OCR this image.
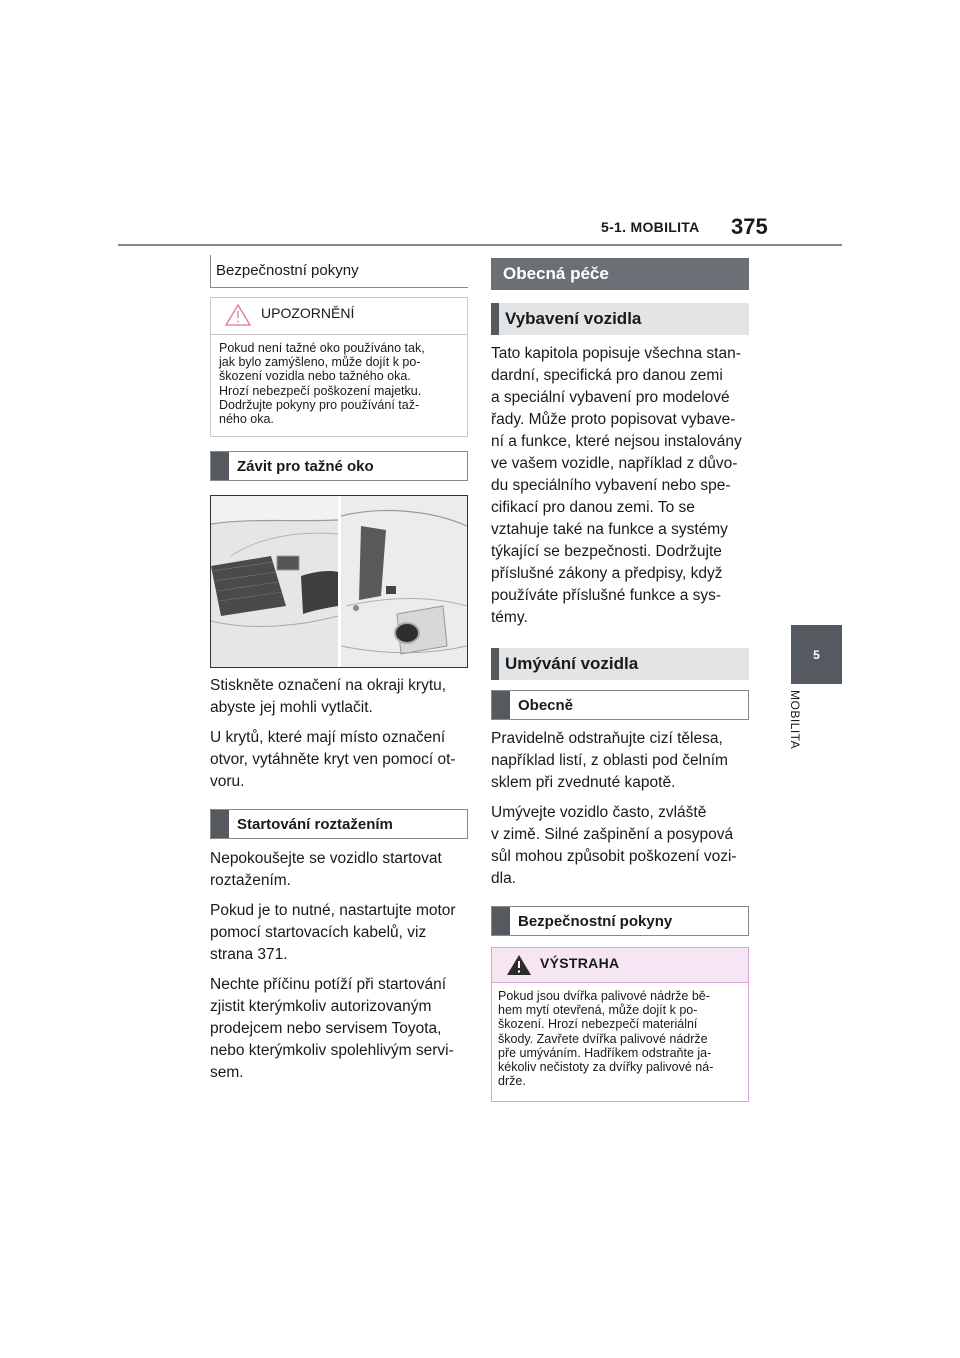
5-1. MOBILITA 375
5
MOBILITA
Bezpečnostní pokyny
UPOZORNĚNÍ
Pokud není tažné oko používáno tak,
jak bylo zamýšleno, může dojít k po-
škození vozidla nebo tažného oka.
Hrozí nebezpečí poškození majetku.
Dodržujte pokyny pro používání taž-
ného oka.
Závit pro tažné oko

Stiskněte označení na okraji krytu,
abyste jej mohli vytlačit.

U krytů, které mají místo označení
otvor, vytáhněte kryt ven pomocí ot-
voru.

Startování roztažením

Nepokoušejte se vozidlo startovat
roztažením.

Pokud je to nutné, nastartujte motor
pomocí startovacích kabelů, viz
strana 371.

Nechte příčinu potíží při startování
zjistit kterýmkoliv autorizovaným
prodejcem nebo servisem Toyota,
nebo kterýmkoliv spolehlivým servi-
sem.

Obecná péče
Vybavení vozidla
Tato kapitola popisuje všechna stan-
dardní, specifická pro danou zemi
a speciální vybavení pro modelové
řady. Může proto popisovat vybave-
ní a funkce, které nejsou instalovány
ve vašem vozidle, například z důvo-
du speciálního vybavení nebo spe-
cifikací pro danou zemi. To se
vztahuje také na funkce a systémy
týkající se bezpečnosti. Dodržujte
příslušné zákony a předpisy, když
používáte příslušné funkce a sys-
témy.
Umývání vozidla
Obecně

Pravidelně odstraňujte cizí tělesa,
například listí, z oblasti pod čelním
sklem při zvednuté kapotě.

Umývejte vozidlo často, zvláště
v zimě. Silné zašpinění a posypová
sůl mohou způsobit poškození vozi-
dla.

Bezpečnostní pokyny
VÝSTRAHA
Pokud jsou dvířka palivové nádrže bě-
hem mytí otevřená, může dojít k po-
škození. Hrozí nebezpečí materiální
škody. Zavřete dvířka palivové nádrže
pře umýváním. Hadříkem odstraňte ja-
kékoliv nečistoty za dvířky palivové ná-
drže.
